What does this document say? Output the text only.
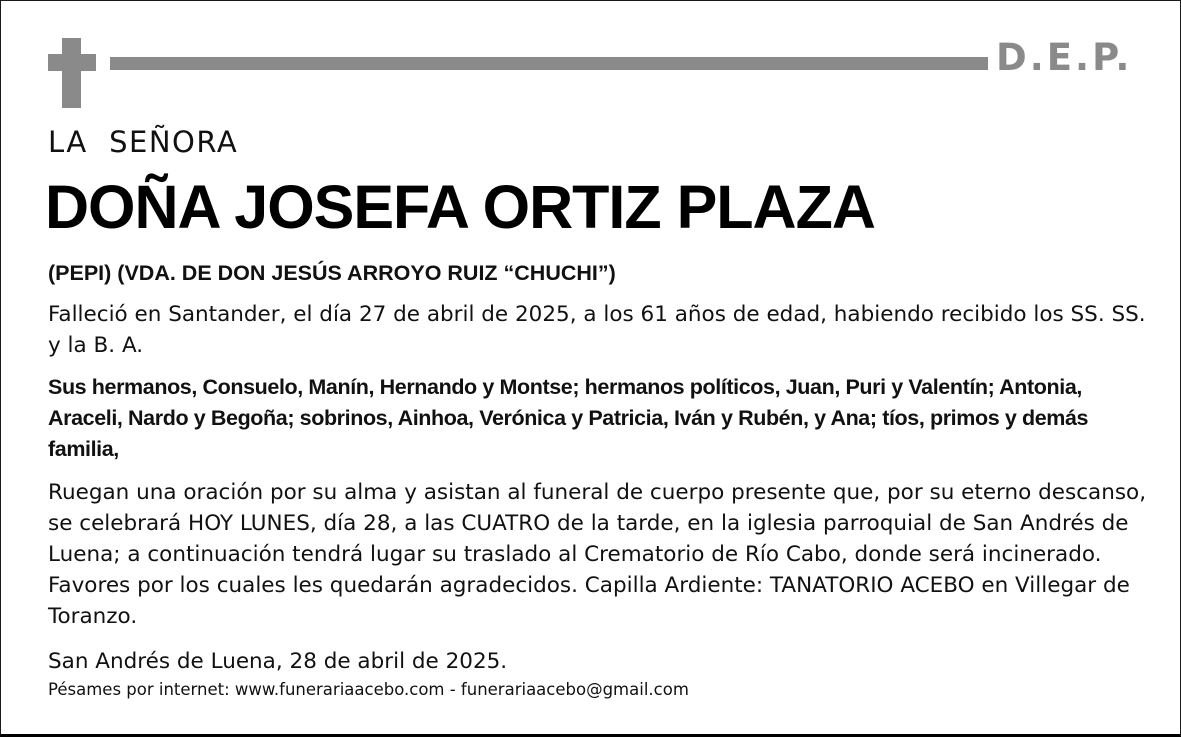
D.E.P.
LA  SEÑORA
DOÑA JOSEFA ORTIZ PLAZA
(PEPI) (VDA. DE DON JESÚS ARROYO RUIZ “CHUCHI”)
Falleció en Santander, el día 27 de abril de 2025, a los 61 años de edad, habiendo recibido los SS. SS. y la B. A.
Sus hermanos, Consuelo, Manín, Hernando y Montse; hermanos políticos, Juan, Puri y Valentín; Antonia, Araceli, Nardo y Begoña; sobrinos, Ainhoa, Verónica y Patricia, Iván y Rubén, y Ana; tíos, primos y demás familia,
Ruegan una oración por su alma y asistan al funeral de cuerpo presente que, por su eterno descanso, se celebrará HOY LUNES, día 28, a las CUATRO de la tarde, en la iglesia parroquial de San Andrés de Luena; a continuación tendrá lugar su traslado al Crematorio de Río Cabo, donde será incinerado. Favores por los cuales les quedarán agradecidos. Capilla Ardiente: TANATORIO ACEBO en Villegar de Toranzo.
San Andrés de Luena, 28 de abril de 2025.
Pésames por internet: www.funerariaacebo.com - funerariaacebo@gmail.com
